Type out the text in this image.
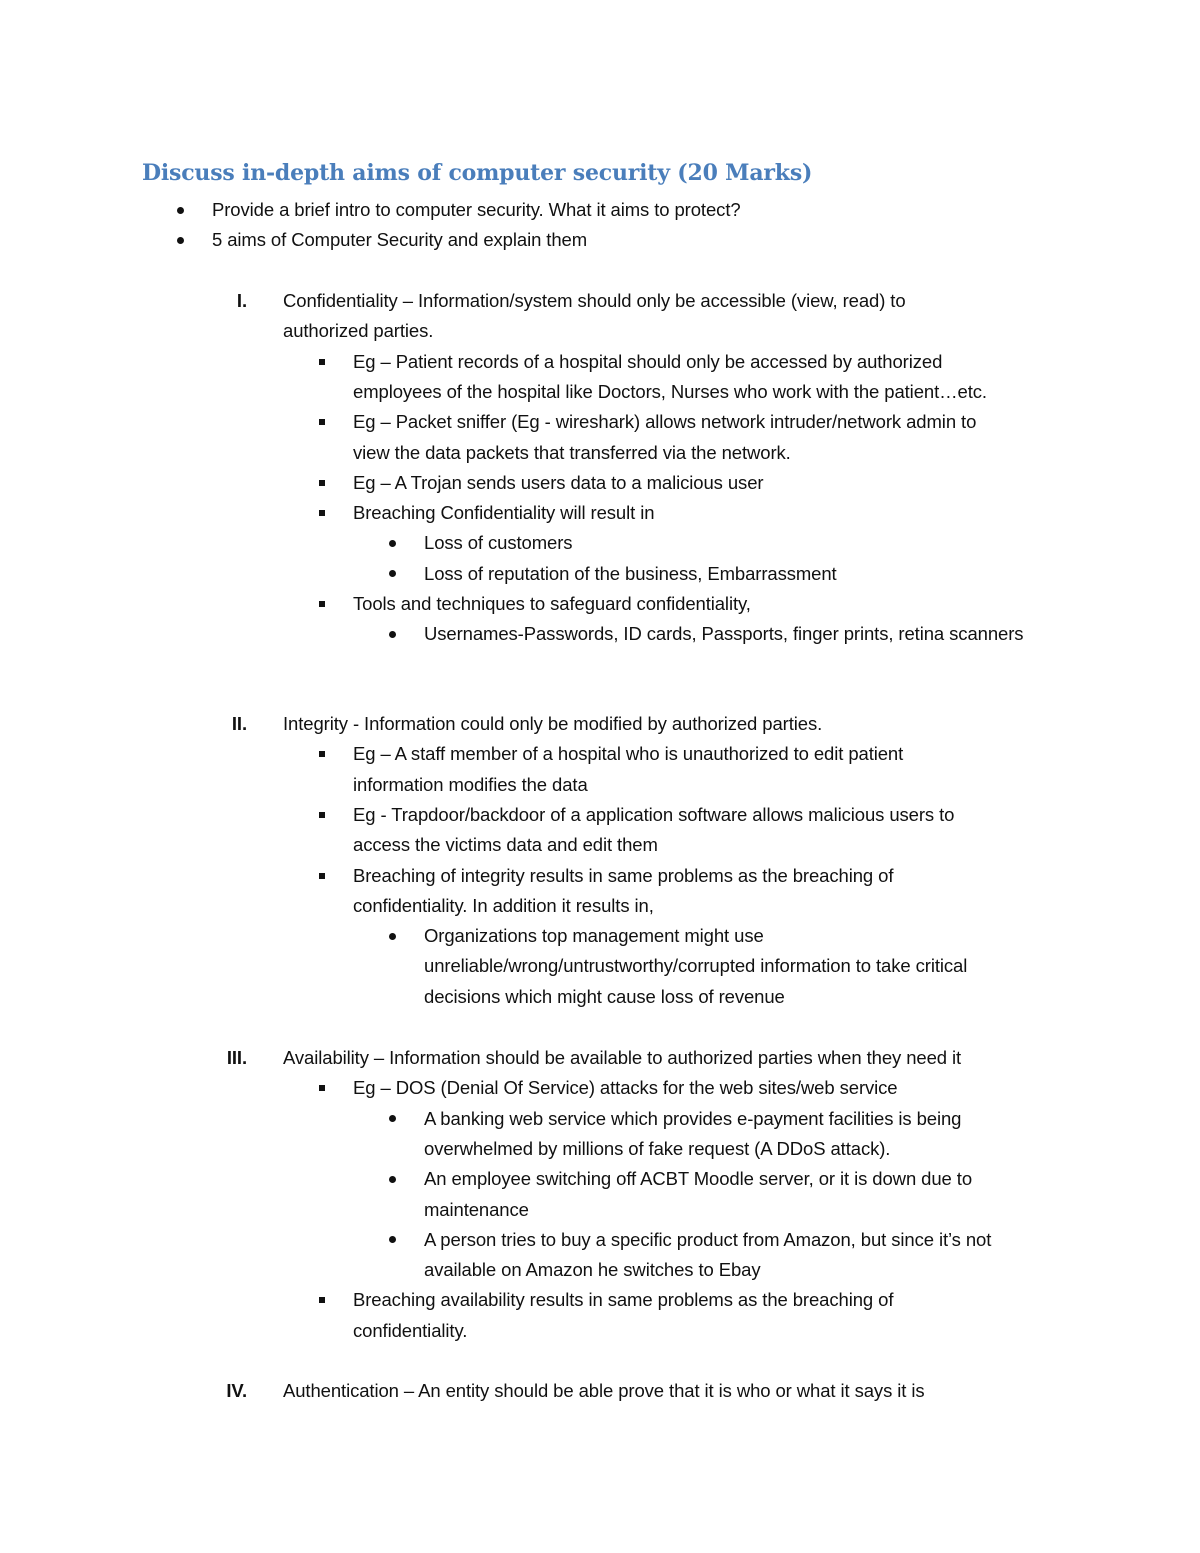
Discuss in-depth aims of computer security (20 Marks)
Provide a brief intro to computer security. What it aims to protect?
5 aims of Computer Security and explain them
I. Confidentiality – Information/system should only be accessible (view, read) to
authorized parties.
Eg – Patient records of a hospital should only be accessed by authorized
employees of the hospital like Doctors, Nurses who work with the patient…etc.
Eg – Packet sniffer (Eg - wireshark) allows network intruder/network admin to
view the data packets that transferred via the network.
Eg – A Trojan sends users data to a malicious user
Breaching Confidentiality will result in
Loss of customers
Loss of reputation of the business, Embarrassment
Tools and techniques to safeguard confidentiality,
Usernames-Passwords, ID cards, Passports, finger prints, retina scanners
II. Integrity - Information could only be modified by authorized parties.
Eg – A staff member of a hospital who is unauthorized to edit patient
information modifies the data
Eg - Trapdoor/backdoor of a application software allows malicious users to
access the victims data and edit them
Breaching of integrity results in same problems as the breaching of
confidentiality. In addition it results in,
Organizations top management might use
unreliable/wrong/untrustworthy/corrupted information to take critical
decisions which might cause loss of revenue
III. Availability – Information should be available to authorized parties when they need it
Eg – DOS (Denial Of Service) attacks for the web sites/web service
A banking web service which provides e-payment facilities is being
overwhelmed by millions of fake request (A DDoS attack).
An employee switching off ACBT Moodle server, or it is down due to
maintenance
A person tries to buy a specific product from Amazon, but since it’s not
available on Amazon he switches to Ebay
Breaching availability results in same problems as the breaching of
confidentiality.
IV. Authentication – An entity should be able prove that it is who or what it says it is
